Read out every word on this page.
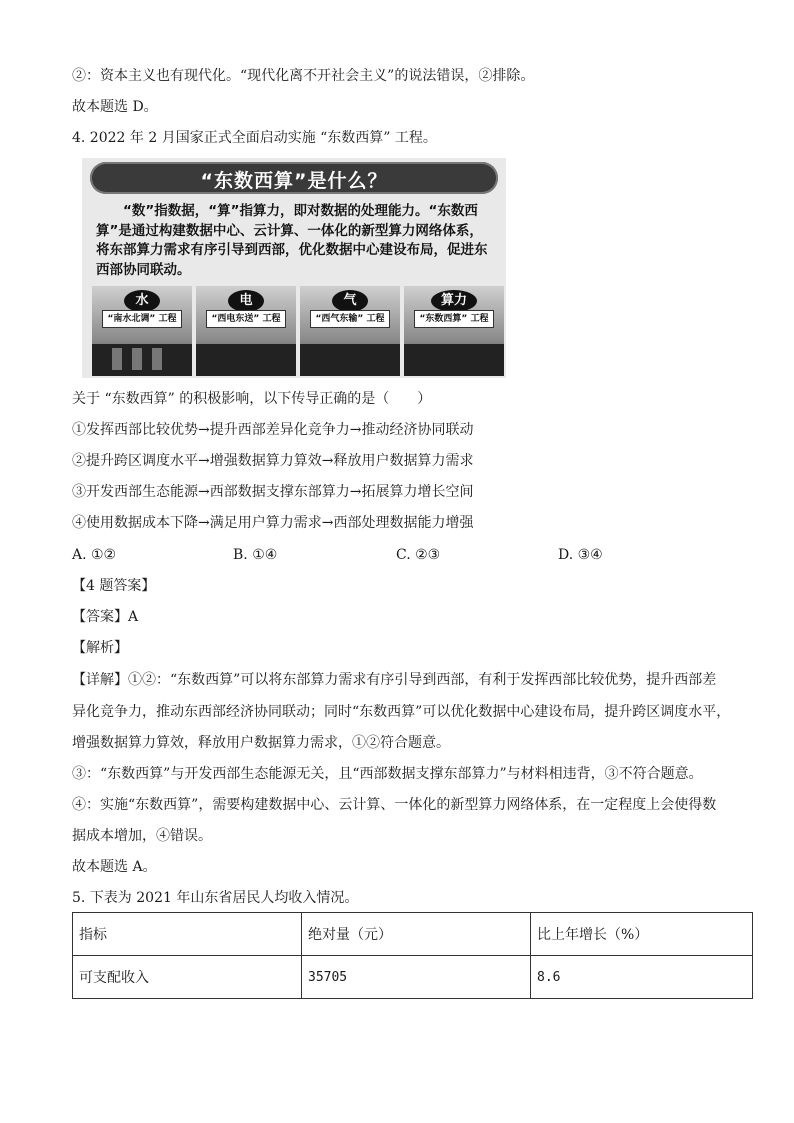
②：资本主义也有现代化。“现代化离不开社会主义”的说法错误，②排除。
故本题选 D。
4. 2022 年 2 月国家正式全面启动实施 “东数西算” 工程。
“东数西算”是什么？

“数”指数据，“算”指算力，即对数据的处理能力。“东数西算”是通过构建数据中心、云计算、一体化的新型算力网络体系，将东部算力需求有序引导到西部，优化数据中心建设布局，促进东西部协同联动。

水
“南水北调” 工程
电
“西电东送” 工程
气
“西气东输” 工程
算力
“东数西算” 工程
关于 “东数西算” 的积极影响，以下传导正确的是（　　）
①发挥西部比较优势→提升西部差异化竞争力→推动经济协同联动
②提升跨区调度水平→增强数据算力算效→释放用户数据算力需求
③开发西部生态能源→西部数据支撑东部算力→拓展算力增长空间
④使用数据成本下降→满足用户算力需求→西部处理数据能力增强
A. ①②	B. ①④	C. ②③	D. ③④
【4 题答案】
【答案】A
【解析】
【详解】①②：“东数西算”可以将东部算力需求有序引导到西部，有利于发挥西部比较优势，提升西部差
异化竞争力，推动东西部经济协同联动；同时“东数西算”可以优化数据中心建设布局，提升跨区调度水平，
增强数据算力算效，释放用户数据算力需求，①②符合题意。
③：“东数西算”与开发西部生态能源无关，且“西部数据支撑东部算力”与材料相违背，③不符合题意。
④：实施“东数西算”，需要构建数据中心、云计算、一体化的新型算力网络体系，在一定程度上会使得数
据成本增加，④错误。
故本题选 A。
5. 下表为 2021 年山东省居民人均收入情况。
指标	绝对量（元）	比上年增长（%）
可支配收入	35705	8.6
